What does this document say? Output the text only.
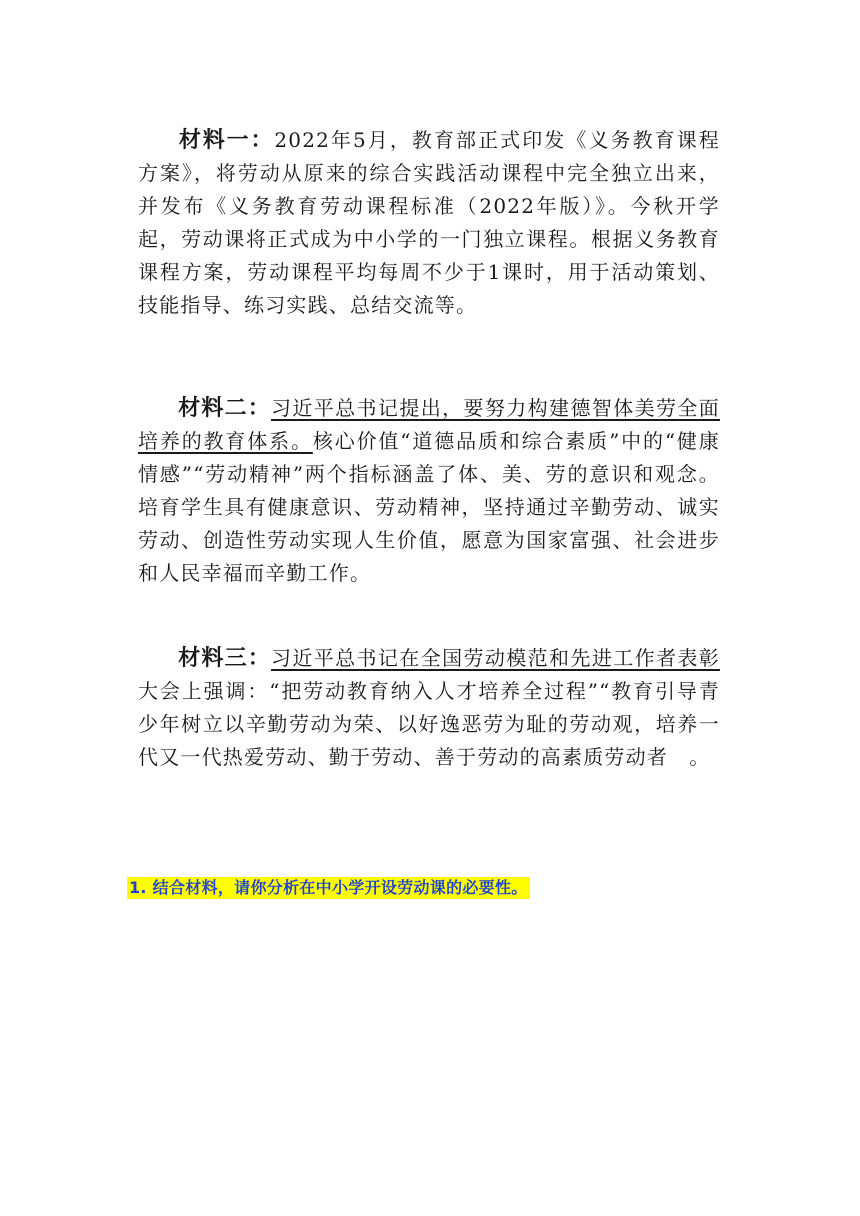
材料一：2022年5月，教育部正式印发《义务教育课程方案》，将劳动从原来的综合实践活动课程中完全独立出来，并发布《义务教育劳动课程标准（2022年版）》。今秋开学起，劳动课将正式成为中小学的一门独立课程。根据义务教育课程方案，劳动课程平均每周不少于1课时，用于活动策划、技能指导、练习实践、总结交流等。
材料二：习近平总书记提出，要努力构建德智体美劳全面培养的教育体系。核心价值“道德品质和综合素质”中的“健康情感”“劳动精神”两个指标涵盖了体、美、劳的意识和观念。培育学生具有健康意识、劳动精神，坚持通过辛勤劳动、诚实劳动、创造性劳动实现人生价值，愿意为国家富强、社会进步和人民幸福而辛勤工作。
材料三：习近平总书记在全国劳动模范和先进工作者表彰大会上强调：“把劳动教育纳入人才培养全过程”“教育引导青少年树立以辛勤劳动为荣、以好逸恶劳为耻的劳动观，培养一代又一代热爱劳动、勤于劳动、善于劳动的高素质劳动者　。
1. 结合材料，请你分析在中小学开设劳动课的必要性。
